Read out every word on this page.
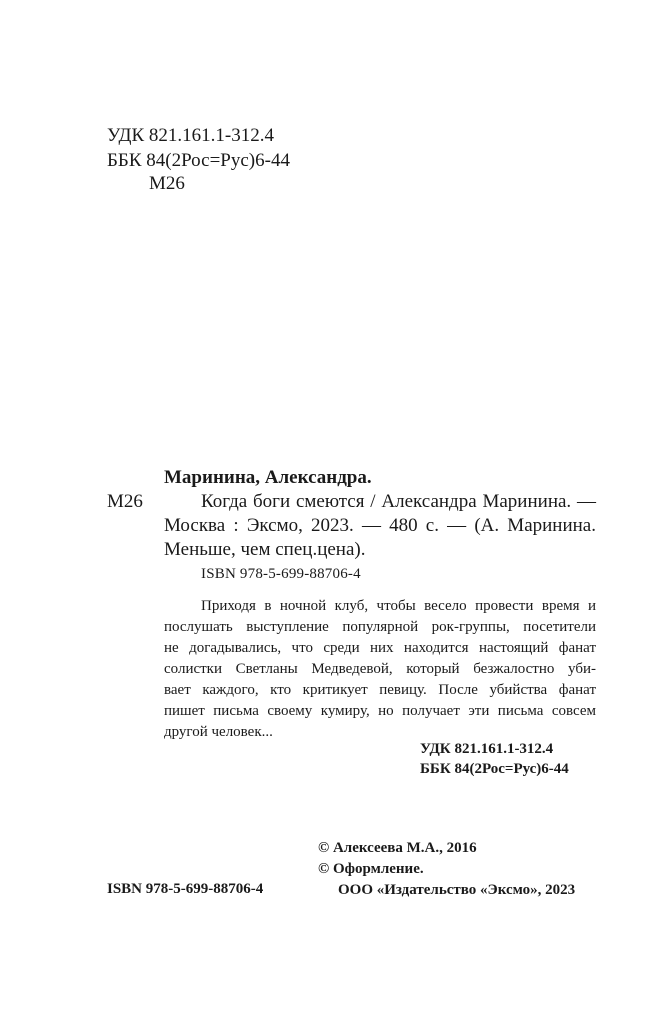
УДК 821.161.1-312.4
ББК 84(2Рос=Рус)6-44
М26
Маринина, Александра.
М26	Когда боги смеются / Александра Маринина. —
Москва : Эксмо, 2023. — 480 с. — (А. Маринина.
Меньше, чем спец.цена).
ISBN 978-5-699-88706-4
Приходя в ночной клуб, чтобы весело провести время и
послушать выступление популярной рок-группы, посетители
не догадывались, что среди них находится настоящий фанат
солистки Светланы Медведевой, который безжалостно уби-
вает каждого, кто критикует певицу. После убийства фанат
пишет письма своему кумиру, но получает эти письма совсем
другой человек...
УДК 821.161.1-312.4
ББК 84(2Рос=Рус)6-44
© Алексеева М.А., 2016
© Оформление.
ООО «Издательство «Эксмо», 2023
ISBN 978-5-699-88706-4
